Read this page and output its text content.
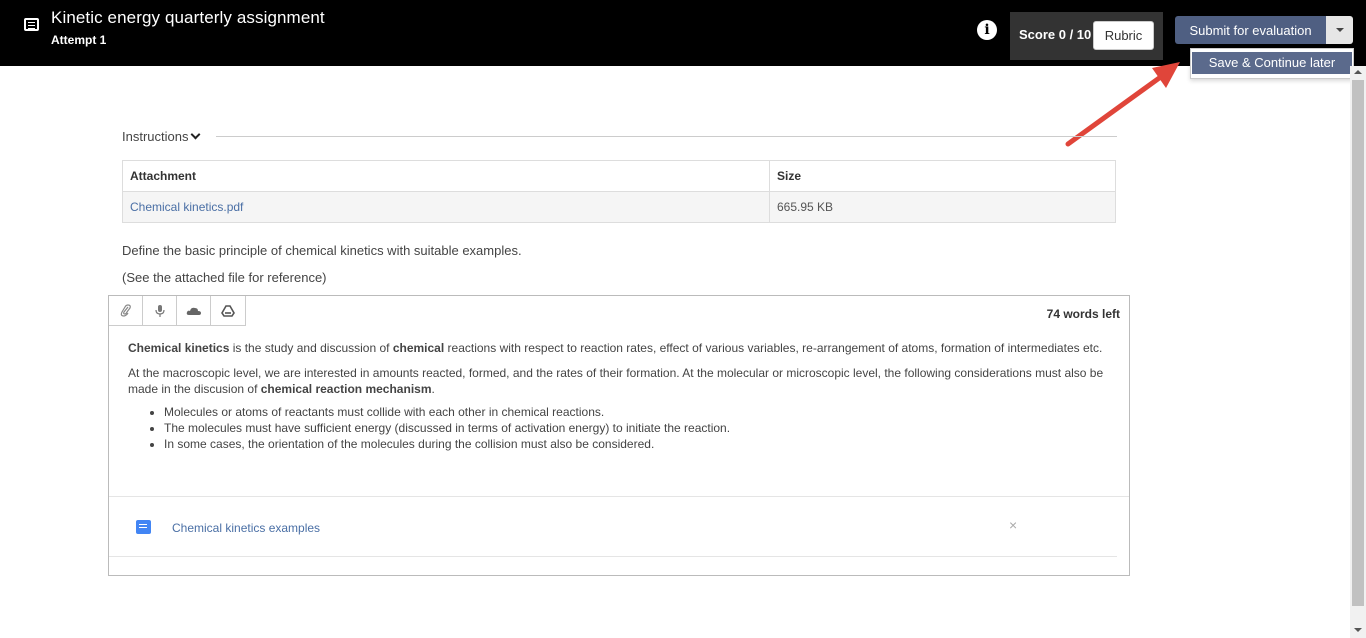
Kinetic energy quarterly assignment
Attempt 1
i	Score 0 / 10	Rubric	Submit for evaluation
Save & Continue later
Instructions
Attachment	Size
Chemical kinetics.pdf	665.95 KB
Define the basic principle of chemical kinetics with suitable examples.
(See the attached file for reference)
74 words left

Chemical kinetics is the study and discussion of chemical reactions with respect to reaction rates, effect of various variables, re-arrangement of atoms, formation of intermediates etc.

At the macroscopic level, we are interested in amounts reacted, formed, and the rates of their formation. At the molecular or microscopic level, the following considerations must also be made in the discusion of chemical reaction mechanism.

• Molecules or atoms of reactants must collide with each other in chemical reactions.
• The molecules must have sufficient energy (discussed in terms of activation energy) to initiate the reaction.
• In some cases, the orientation of the molecules during the collision must also be considered.
Chemical kinetics examples	×
